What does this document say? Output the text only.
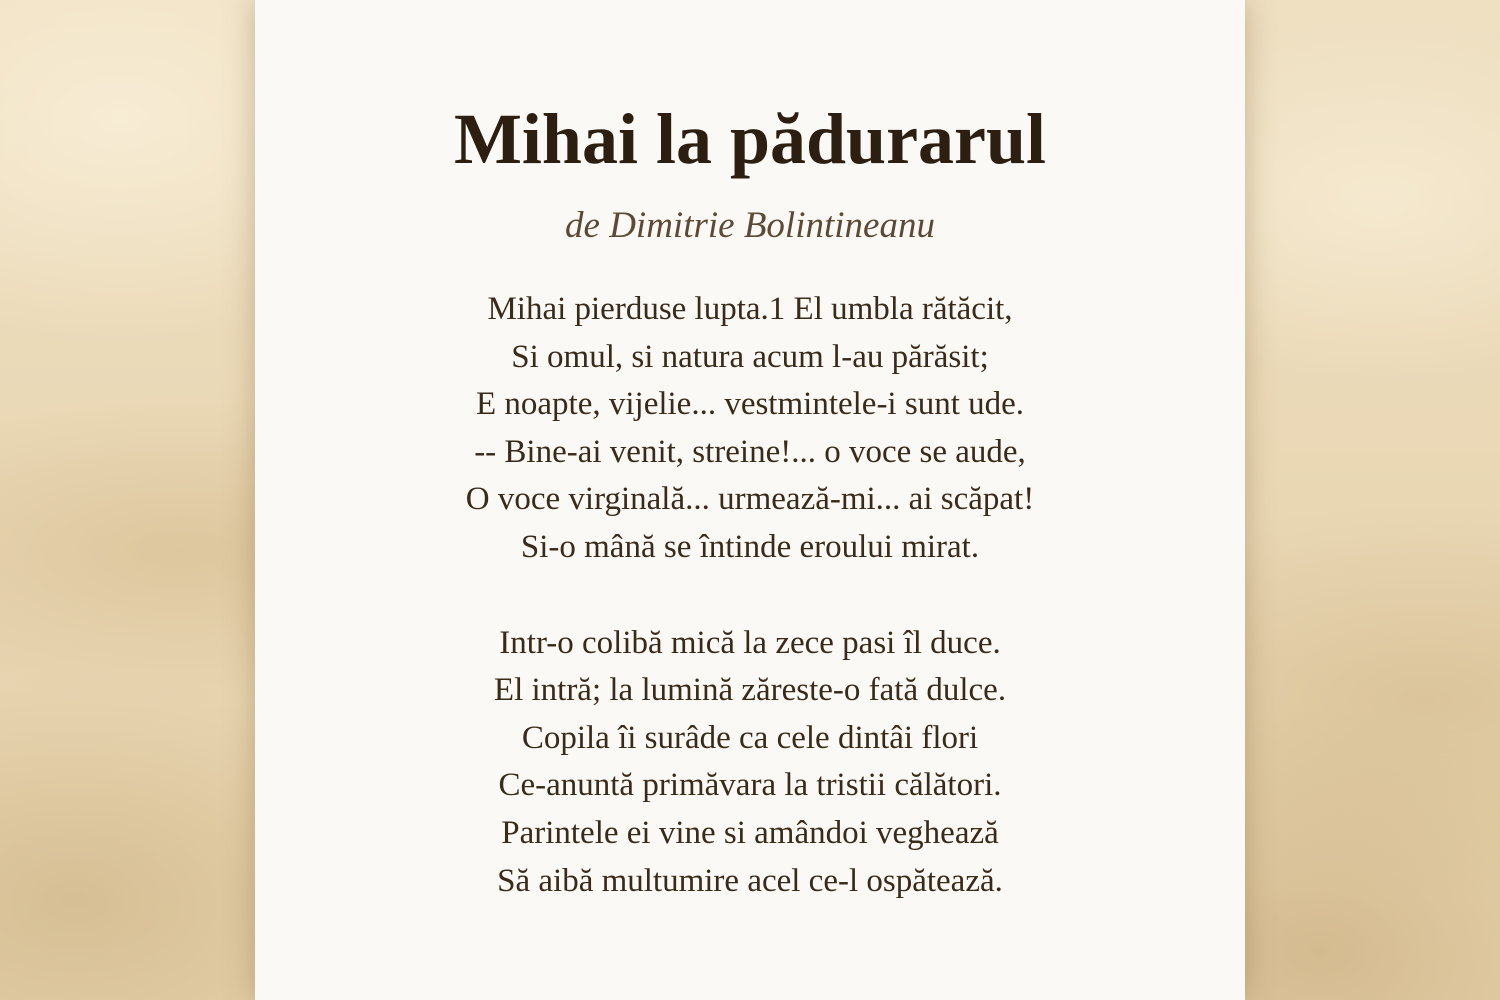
Mihai la pădurarul

de Dimitrie Bolintineanu

Mihai pierduse lupta.1 El umbla rătăcit,
Si omul, si natura acum l-au părăsit;
E noapte, vijelie... vestmintele-i sunt ude.
-- Bine-ai venit, streine!... o voce se aude,
O voce virginală... urmează-mi... ai scăpat!
Si-o mână se întinde eroului mirat.
Intr-o colibă mică la zece pasi îl duce.
El intră; la lumină zăreste-o fată dulce.
Copila îi surâde ca cele dintâi flori
Ce-anuntă primăvara la tristii călători.
Parintele ei vine si amândoi veghează
Să aibă multumire acel ce-l ospătează.
